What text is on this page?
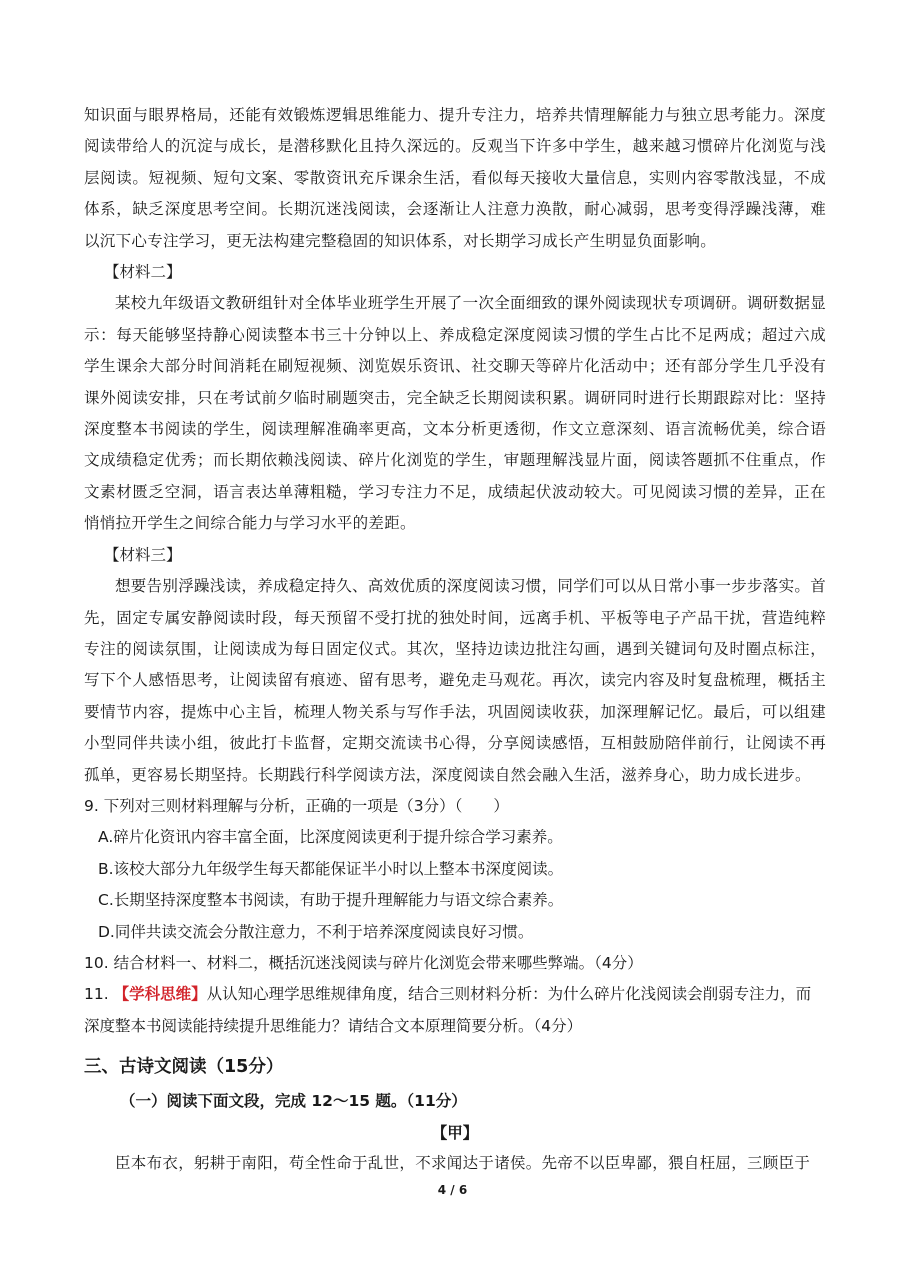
知识面与眼界格局，还能有效锻炼逻辑思维能力、提升专注力，培养共情理解能力与独立思考能力。深度阅读带给人的沉淀与成长，是潜移默化且持久深远的。反观当下许多中学生，越来越习惯碎片化浏览与浅层阅读。短视频、短句文案、零散资讯充斥课余生活，看似每天接收大量信息，实则内容零散浅显，不成体系，缺乏深度思考空间。长期沉迷浅阅读，会逐渐让人注意力涣散，耐心减弱，思考变得浮躁浅薄，难以沉下心专注学习，更无法构建完整稳固的知识体系，对长期学习成长产生明显负面影响。

【材料二】

某校九年级语文教研组针对全体毕业班学生开展了一次全面细致的课外阅读现状专项调研。调研数据显示：每天能够坚持静心阅读整本书三十分钟以上、养成稳定深度阅读习惯的学生占比不足两成；超过六成学生课余大部分时间消耗在刷短视频、浏览娱乐资讯、社交聊天等碎片化活动中；还有部分学生几乎没有课外阅读安排，只在考试前夕临时刷题突击，完全缺乏长期阅读积累。调研同时进行长期跟踪对比：坚持深度整本书阅读的学生，阅读理解准确率更高，文本分析更透彻，作文立意深刻、语言流畅优美，综合语文成绩稳定优秀；而长期依赖浅阅读、碎片化浏览的学生，审题理解浅显片面，阅读答题抓不住重点，作文素材匮乏空洞，语言表达单薄粗糙，学习专注力不足，成绩起伏波动较大。可见阅读习惯的差异，正在悄悄拉开学生之间综合能力与学习水平的差距。

【材料三】

想要告别浮躁浅读，养成稳定持久、高效优质的深度阅读习惯，同学们可以从日常小事一步步落实。首先，固定专属安静阅读时段，每天预留不受打扰的独处时间，远离手机、平板等电子产品干扰，营造纯粹专注的阅读氛围，让阅读成为每日固定仪式。其次，坚持边读边批注勾画，遇到关键词句及时圈点标注，写下个人感悟思考，让阅读留有痕迹、留有思考，避免走马观花。再次，读完内容及时复盘梳理，概括主要情节内容，提炼中心主旨，梳理人物关系与写作手法，巩固阅读收获，加深理解记忆。最后，可以组建小型同伴共读小组，彼此打卡监督，定期交流读书心得，分享阅读感悟，互相鼓励陪伴前行，让阅读不再孤单，更容易长期坚持。长期践行科学阅读方法，深度阅读自然会融入生活，滋养身心，助力成长进步。

9. 下列对三则材料理解与分析，正确的一项是（3分）（　　）

A.碎片化资讯内容丰富全面，比深度阅读更利于提升综合学习素养。

B.该校大部分九年级学生每天都能保证半小时以上整本书深度阅读。

C.长期坚持深度整本书阅读，有助于提升理解能力与语文综合素养。

D.同伴共读交流会分散注意力，不利于培养深度阅读良好习惯。

10. 结合材料一、材料二，概括沉迷浅阅读与碎片化浏览会带来哪些弊端。（4分）

11. 【学科思维】从认知心理学思维规律角度，结合三则材料分析：为什么碎片化浅阅读会削弱专注力，而深度整本书阅读能持续提升思维能力？请结合文本原理简要分析。（4分）

三、古诗文阅读（15分）

（一）阅读下面文段，完成 12～15 题。（11分）

【甲】

臣本布衣，躬耕于南阳，苟全性命于乱世，不求闻达于诸侯。先帝不以臣卑鄙，猥自枉屈，三顾臣于

4 / 6
